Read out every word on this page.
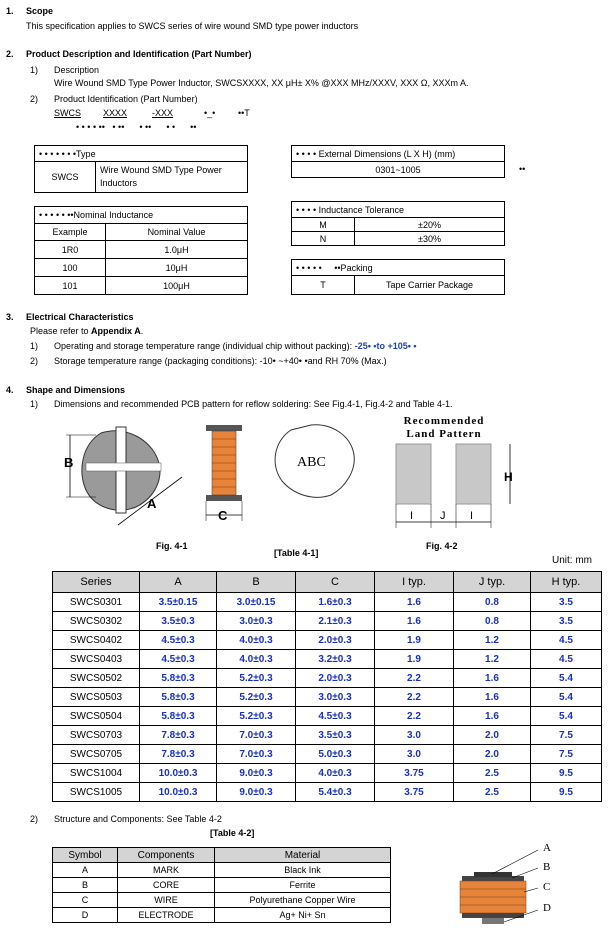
1. Scope
This specification applies to SWCS series of wire wound SMD type power inductors
2. Product Description and Identification (Part Number)
1) Description
Wire Wound SMD Type Power Inductor, SWCSXXXX, XX μH± X% @XXX MHz/XXXV, XXX Ω, XXXm A.
2) Product Identification (Part Number)
SWCS XXXX	-XXX	•_•	••T
• • • • ••   • ••      • ••      • •      ••
• • • • • • •Type
SWCS	Wire Wound SMD Type Power Inductors
• • • • External Dimensions (L X H) (mm)
0301~1005	••
• • • • • ••Nominal Inductance	
Example	Nominal Value
1R0	1.0μH
100	10μH
101	100μH
• • • • Inductance Tolerance	
M	±20%
N	±30%
• • • • •     ••Packing
T	Tape Carrier Package
3. Electrical Characteristics
Please refer to Appendix A.
1) Operating and storage temperature range (individual chip without packing): -25• •to +105• •
2) Storage temperature range (packaging conditions): -10• ~+40• •and RH 70% (Max.)
4. Shape and Dimensions
1) Dimensions and recommended PCB pattern for reflow soldering: See Fig.4-1, Fig.4-2 and Table 4-1.
B
A
C
ABC
Recommended
Land Pattern
H
I J I
Fig. 4-1	Fig. 4-2
[Table 4-1]
Unit: mm
Series	A	B	C	I typ.	J typ.	H typ.
SWCS0301	3.5±0.15	3.0±0.15	1.6±0.3	1.6	0.8	3.5
SWCS0302	3.5±0.3	3.0±0.3	2.1±0.3	1.6	0.8	3.5
SWCS0402	4.5±0.3	4.0±0.3	2.0±0.3	1.9	1.2	4.5
SWCS0403	4.5±0.3	4.0±0.3	3.2±0.3	1.9	1.2	4.5
SWCS0502	5.8±0.3	5.2±0.3	2.0±0.3	2.2	1.6	5.4
SWCS0503	5.8±0.3	5.2±0.3	3.0±0.3	2.2	1.6	5.4
SWCS0504	5.8±0.3	5.2±0.3	4.5±0.3	2.2	1.6	5.4
SWCS0703	7.8±0.3	7.0±0.3	3.5±0.3	3.0	2.0	7.5
SWCS0705	7.8±0.3	7.0±0.3	5.0±0.3	3.0	2.0	7.5
SWCS1004	10.0±0.3	9.0±0.3	4.0±0.3	3.75	2.5	9.5
SWCS1005	10.0±0.3	9.0±0.3	5.4±0.3	3.75	2.5	9.5
2) Structure and Components: See Table 4-2
[Table 4-2]
Symbol	Components	Material
A	MARK	Black Ink
B	CORE	Ferrite
C	WIRE	Polyurethane Copper Wire
D	ELECTRODE	Ag+ Ni+ Sn
A
B
C
D
